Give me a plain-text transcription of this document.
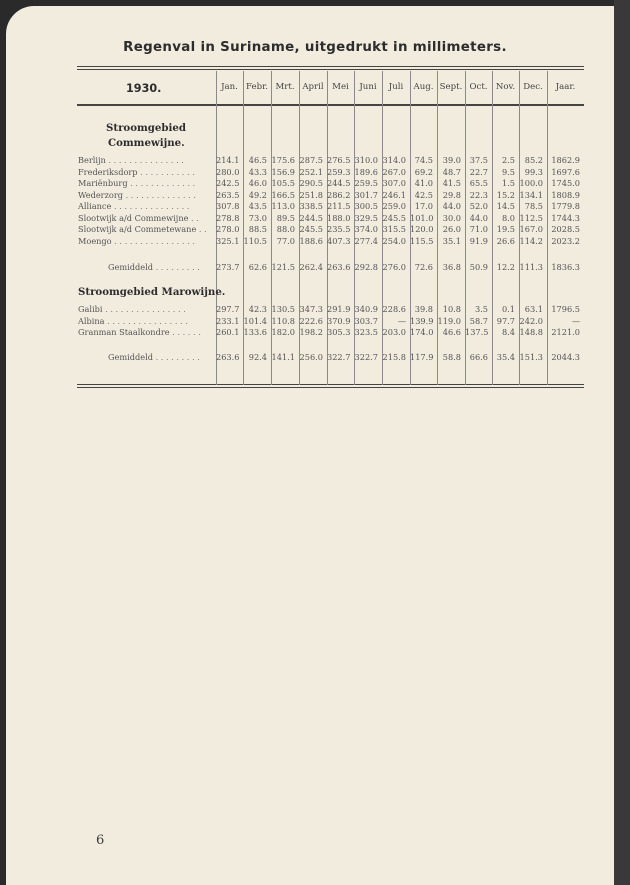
Regenval in Suriname, uitgedrukt in millimeters.
1930.	Jan. Febr. Mrt. April Mei	Juni	Juli	Aug. Sept. Oct. Nov. Dec.	Jaar.
Stroomgebied
Commewijne.
Berlijn . . . . . . . . . . . . . . .	214.1	46.5 175.6 287.5 276.5 310.0 314.0	74.5	39.0	37.5	2.5	85.2	1862.9
Frederiksdorp . . . . . . . . . . .	280.0	43.3 156.9 252.1 259.3 189.6 267.0	69.2	48.7	22.7	9.5	99.3	1697.6
Mariënburg . . . . . . . . . . . . .	242.5	46.0 105.5 290.5 244.5 259.5 307.0	41.0	41.5	65.5	1.5 100.0	1745.0
Wederzorg . . . . . . . . . . . . . . 263.5	49.2 166.5 251.8 286.2 301.7 246.1	42.5	29.8	22.3	15.2 134.1	1808.9
Alliance . . . . . . . . . . . . . . .	307.8	43.5 113.0 338.5 211.5 300.5 259.0	17.0	44.0	52.0	14.5	78.5	1779.8
Slootwijk a/d Commewijne . . 278.8	73.0	89.5 244.5 188.0 329.5 245.5 101.0	30.0	44.0	8.0 112.5	1744.3
Slootwijk a/d Commetewane . . 278.0	88.5	88.0 245.5 235.5 374.0 315.5 120.0	26.0	71.0	19.5 167.0	2028.5
Moengo . . . . . . . . . . . . . . . .	325.1 110.5	77.0 188.6 407.3 277.4 254.0 115.5	35.1	91.9	26.6 114.2	2023.2
Gemiddeld . . . . . . . . . 273.7	62.6 121.5 262.4 263.6 292.8 276.0	72.6	36.8	50.9	12.2 111.3	1836.3
Stroomgebied Marowijne.
Galibi . . . . . . . . . . . . . . . .	297.7	42.3 130.5 347.3 291.9 340.9 228.6	39.8	10.8	3.5	0.1	63.1	1796.5
Albina . . . . . . . . . . . . . . . .	233.1 101.4 110.8 222.6 370.9 303.7	— 139.9 119.0	58.7	97.7 242.0	—
Granman Staalkondre . . . . . . 260.1 133.6 182.0 198.2 305.3 323.5 203.0 174.0	46.6 137.5	8.4 148.8	2121.0
Gemiddeld . . . . . . . . . 263.6	92.4 141.1 256.0 322.7 322.7 215.8 117.9	58.8	66.6	35.4 151.3	2044.3
6
